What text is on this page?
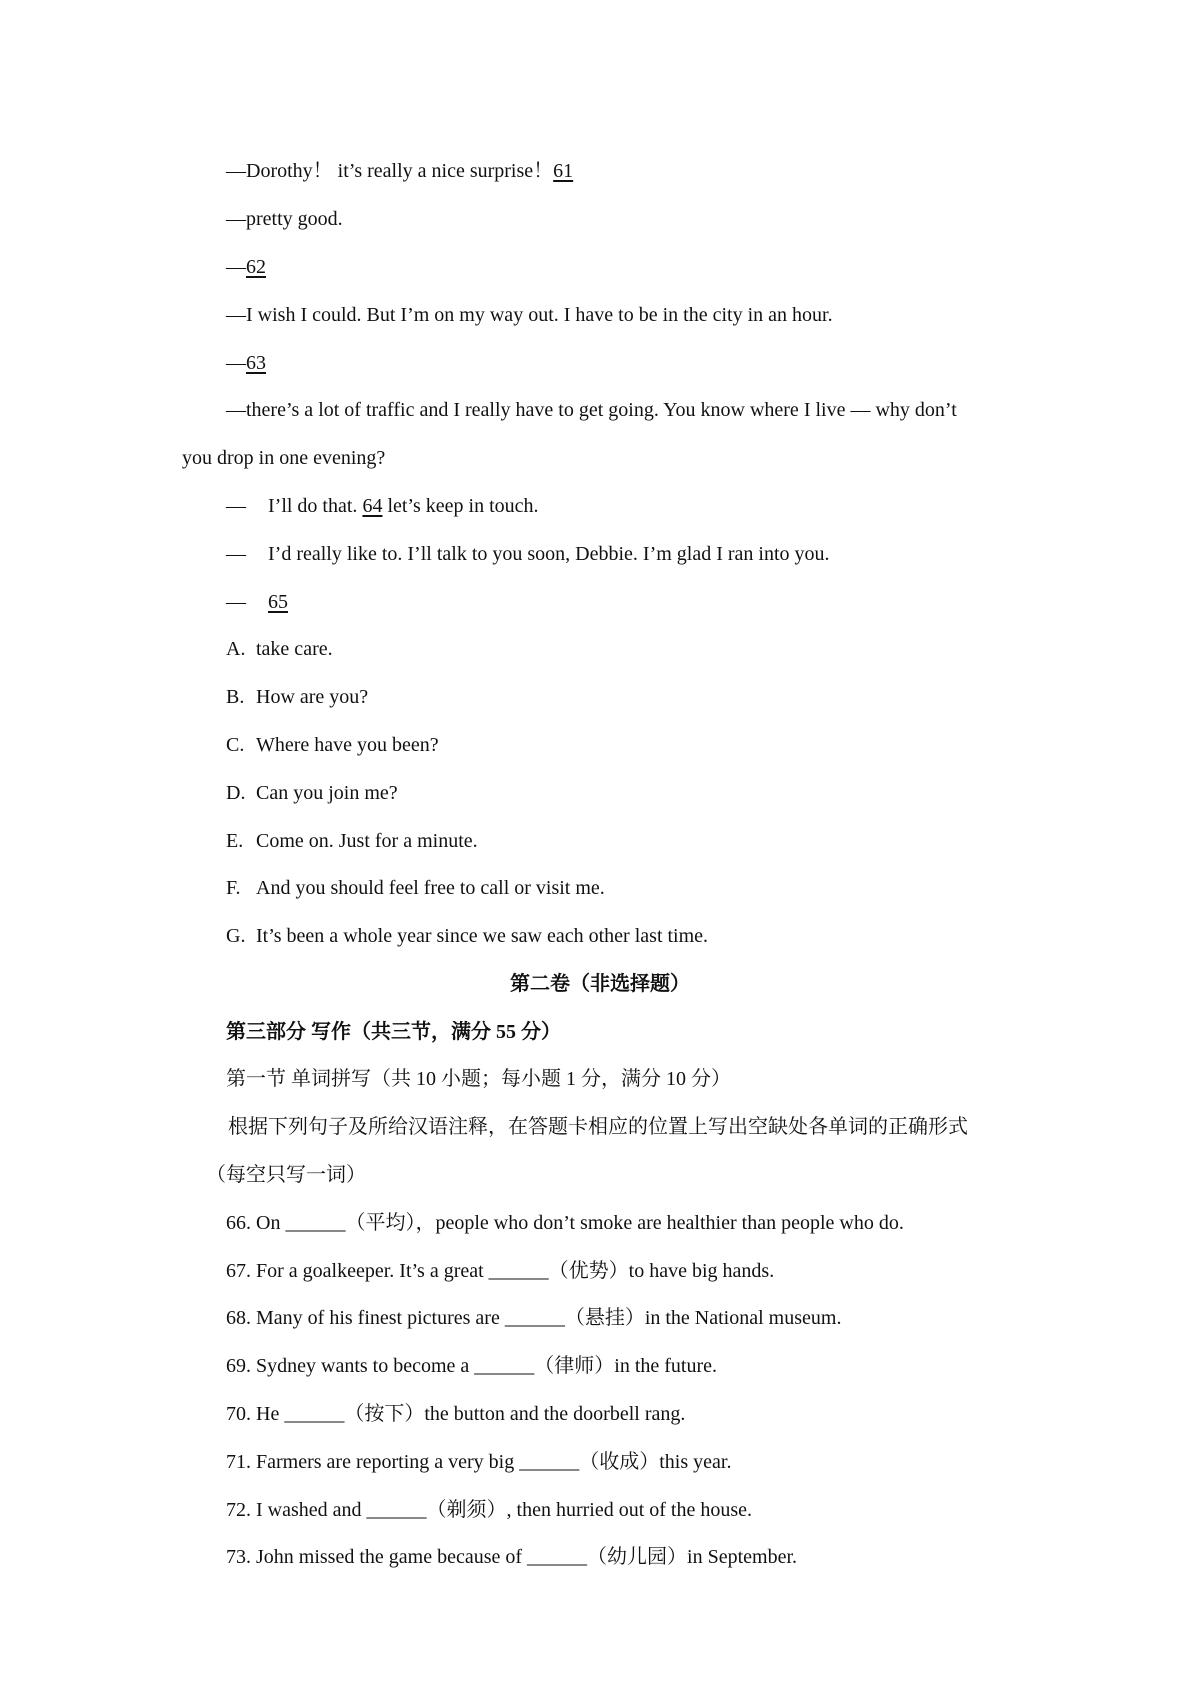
—Dorothy！ it’s really a nice surprise！61
—pretty good.
—62
—I wish I could. But I’m on my way out. I have to be in the city in an hour.
—63
—there’s a lot of traffic and I really have to get going. You know where I live — why don’t
you drop in one evening?
— I’ll do that. 64 let’s keep in touch.
— I’d really like to. I’ll talk to you soon, Debbie. I’m glad I ran into you.
— 65
A. take care.
B. How are you?
C. Where have you been?
D. Can you join me?
E. Come on. Just for a minute.
F. And you should feel free to call or visit me.
G. It’s been a whole year since we saw each other last time.
第二卷（非选择题）
第三部分 写作（共三节，满分 55 分）
第一节 单词拼写（共 10 小题；每小题 1 分，满分 10 分）
根据下列句子及所给汉语注释，在答题卡相应的位置上写出空缺处各单词的正确形式
（每空只写一词）
66. On ______（平均），people who don’t smoke are healthier than people who do.
67. For a goalkeeper. It’s a great ______（优势）to have big hands.
68. Many of his finest pictures are ______（悬挂）in the National museum.
69. Sydney wants to become a ______（律师）in the future.
70. He ______（按下）the button and the doorbell rang.
71. Farmers are reporting a very big ______（收成）this year.
72. I washed and ______（剃须）, then hurried out of the house.
73. John missed the game because of ______（幼儿园）in September.
